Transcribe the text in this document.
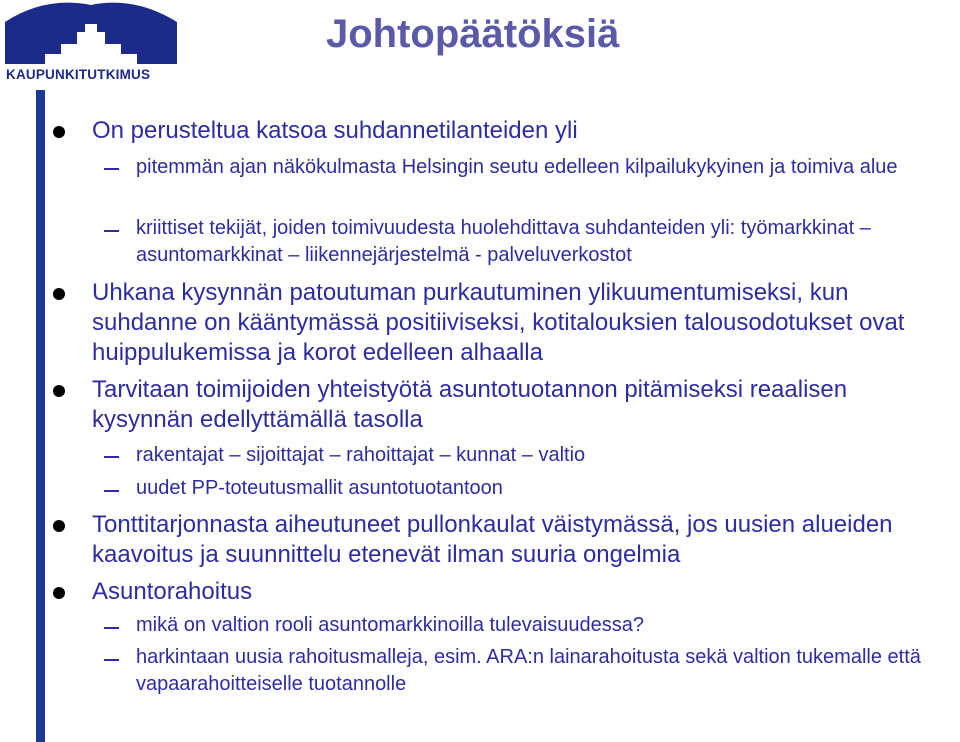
KAUPUNKITUTKIMUS
Johtopäätöksiä

On perusteltua katsoa suhdannetilanteiden yli

pitemmän ajan näkökulmasta Helsingin seutu edelleen kilpailukykyinen ja toimiva alue

kriittiset tekijät, joiden toimivuudesta huolehdittava suhdanteiden yli: työmarkkinat – asuntomarkkinat – liikennejärjestelmä - palveluverkostot

Uhkana kysynnän patoutuman purkautuminen ylikuumentumiseksi, kun suhdanne on kääntymässä positiiviseksi, kotitalouksien talousodotukset ovat huippulukemissa ja korot edelleen alhaalla

Tarvitaan toimijoiden yhteistyötä asuntotuotannon pitämiseksi reaalisen kysynnän edellyttämällä tasolla

rakentajat – sijoittajat – rahoittajat – kunnat – valtio

uudet PP-toteutusmallit asuntotuotantoon

Tonttitarjonnasta aiheutuneet pullonkaulat väistymässä, jos uusien alueiden kaavoitus ja suunnittelu etenevät ilman suuria ongelmia

Asuntorahoitus

mikä on valtion rooli asuntomarkkinoilla tulevaisuudessa?

harkintaan uusia rahoitusmalleja, esim. ARA:n lainarahoitusta sekä valtion tukemalle että vapaarahoitteiselle tuotannolle
